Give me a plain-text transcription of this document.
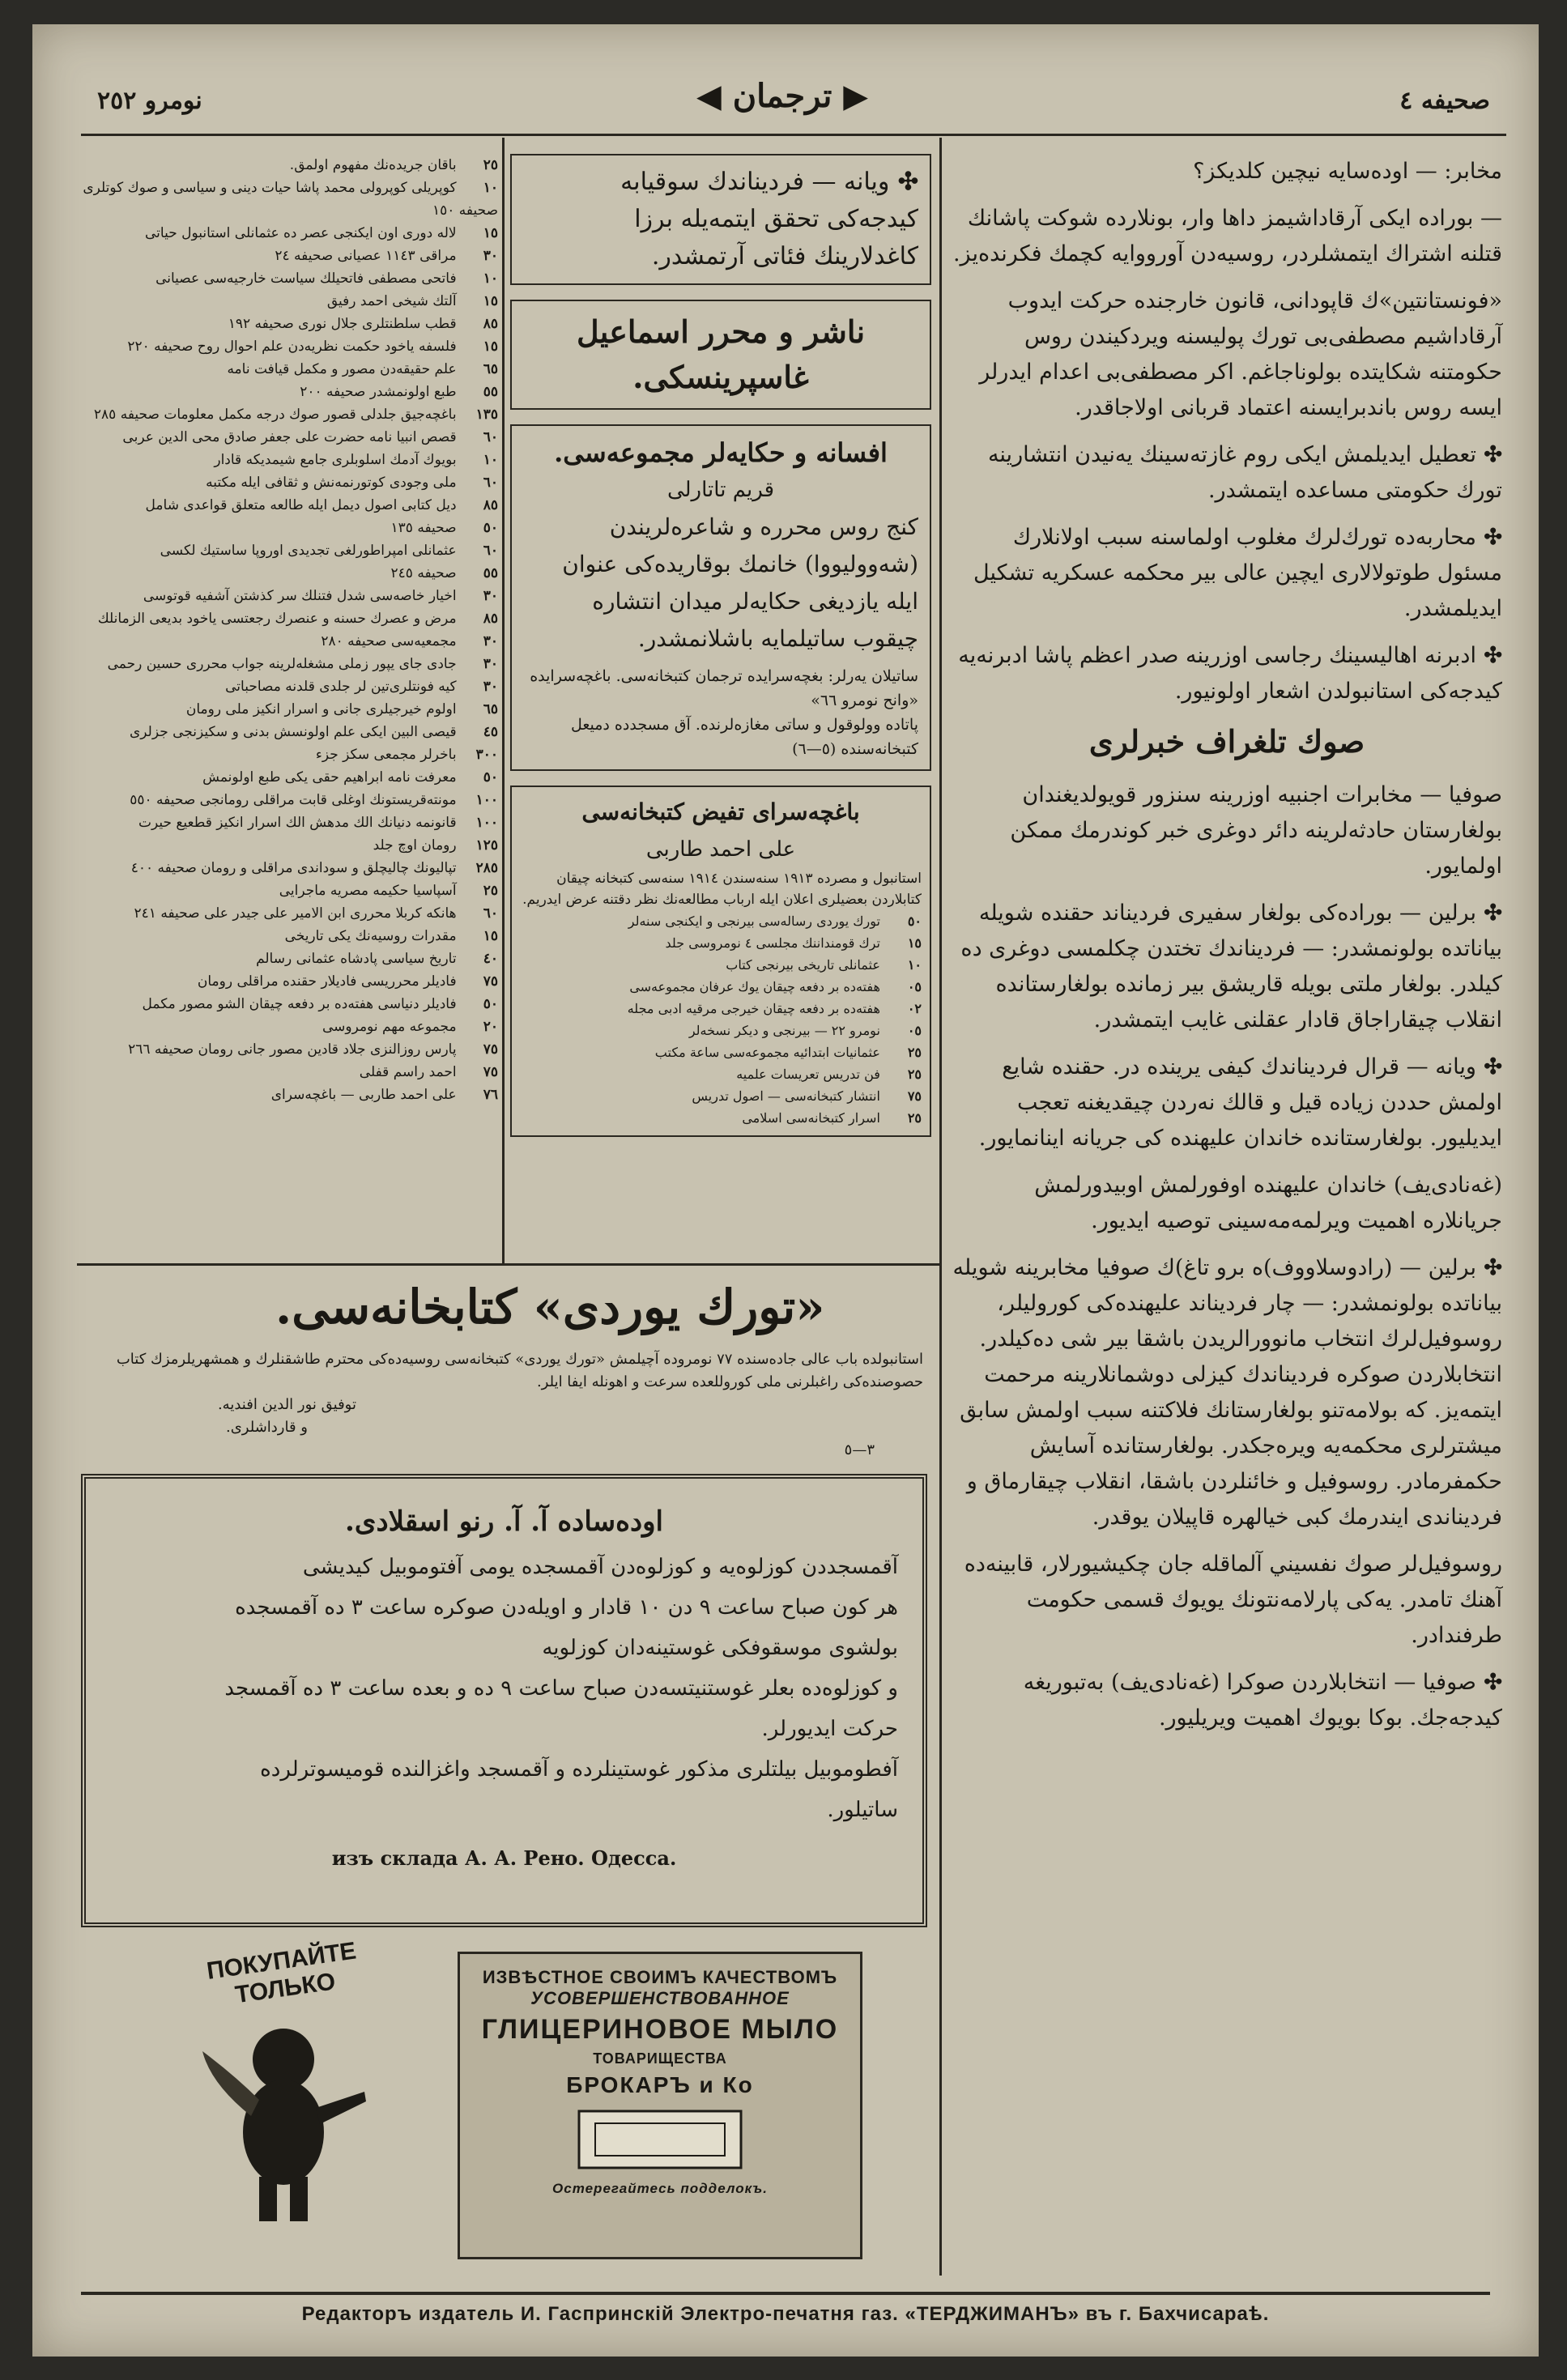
نومرو ٢٥٢	◀ ترجمان ▶	صحيفه ٤

مخابر: — اوده‌سايه نيچين كلديكز؟

— بوراده ايكى آرقاداشيمز داها وار، بونلارده شوكت پاشانك قتلنه اشتراك ايتمشلردر، روسيه‌دن آورووايه كچمك فكرنده‌يز.

«فونستانتين»ك قاپودانى، قانون خارجنده حركت ايدوب آرقاداشيم مصطفى‌بى تورك پوليسنه ويردكيندن روس حكومتنه شكايتده بولوناجاغم. اكر مصطفى‌بى اعدام ايدرلر ايسه روس باندبرايسنه اعتماد قربانى اولاجاقدر.

✣ تعطيل ايديلمش ايكى روم غازته‌سينك يه‌نيدن انتشارينه تورك حكومتى مساعده ايتمشدر.

✣ محاربه‌ده تورك‌لرك مغلوب اولماسنه سبب اولانلارك مسئول طوتولالارى ايچين عالى بير محكمه عسكريه تشكيل ايديلمشدر.

✣ ادبرنه اهاليسينك رجاسى اوزرينه صدر اعظم پاشا ادبرنه‌يه كيدجه‌كى استانبولدن اشعار اولونيور.

صوك تلغراف خبرلرى

صوفيا — مخابرات اجنبيه اوزرينه سنزور قويولديغندان بولغارستان حادثه‌لرينه دائر دوغرى خبر كوندرمك ممكن اولمايور.

✣ برلين — بوراده‌كى بولغار سفيرى فرديناند حقنده شويله بياناتده بولونمشدر: — فرديناندك تختدن چكلمسى دوغرى ده كيلدر. بولغار ملتى بويله قاريشق بير زمانده بولغارستانده انقلاب چيقاراجاق قادار عقلنى غايب ايتمشدر.

✣ ويانه — قرال فرديناندك كيفى يرينده در. حقنده شايع اولمش حددن زياده قيل و قالك نه‌ردن چيقديغنه تعجب ايديليور. بولغارستانده خاندان عليهنده كى جريانه اينانمايور.

(غه‌نادى‌يف) خاندان عليهنده اوفورلمش اوبيدورلمش جريانلاره اهميت ويرلمه‌مه‌سينى توصيه ايديور.

✣ برلين — (رادوسلاووف)ه برو تاغ)ك صوفيا مخابرينه شويله بياناتده بولونمشدر: — چار فرديناند عليهنده‌كى كوروليلر، روسوفيل‌لرك انتخاب مانوورالريدن باشقا بير شى ده‌كيلدر. انتخابلاردن صوكره فرديناندك كيزلى دوشمانلارينه مرحمت ايتمه‌يز. كه بولامه‌تنو بولغارستانك فلاكتنه سبب اولمش سابق ميشترلرى محكمه‌يه ويره‌جكدر. بولغارستانده آسايش حكمفرمادر. روسوفيل و خائنلردن باشقا، انقلاب چيقارماق و فرديناندى ايندرمك كبى خيالهره قاپيلان يوقدر.

روسوفيل‌لر صوك نفسيني آلماقله جان چكيشيورلار، قابينه‌ده آهنك تامدر. يه‌كى پارلامه‌نتونك يويوك قسمى حكومت طرفندادر.

✣ صوفيا — انتخابلاردن صوكرا (غه‌نادى‌يف) به‌تبوريغه كيدجه‌جك. بوكا بويوك اهميت ويريليور.

✣ ويانه — فرديناندك سوقيابه كيدجه‌كى تحقق ايتمه‌يله برزا كاغدلارينك فئاتى آرتمشدر.
ناشر و محرر اسماعيل غاسپرينسكى.
افسانه و حكايه‌لر مجموعه‌سى.
قريم تاتارلى
كنج روس محرره و شاعره‌لريندن (شه‌ووليووا) خانمك بوقاريده‌كى عنوان ايله يازديغى حكايه‌لر ميدان انتشاره چيقوب ساتيلمايه باشلانمشدر.
ساتيلان يه‌رلر: بغچه‌سرايده ترجمان كتبخانه‌سى. باغچه‌سرايده «وانح نومرو ٦٦»
پاتاده وولوقول و ساتى مغازه‌لرنده. آق مسجدده دميعل كتبخانه‌سنده (٥—٦)
باغچه‌سراى تفيض كتبخانه‌سى
على احمد طاربى
استانبول و مصرده ١٩١٣ سنه‌سندن ١٩١٤ سنه‌سى كتبخانه چيقان كتابلاردن بعضيلرى اعلان ايله ارباب مطالعه‌نك نظر دقتنه عرض ايدريم.
٥٠ تورك يوردى رساله‌سى بيرنجى و ايكنجى سنه‌لر
١٥ ترك قومنداننك مجلسى ٤ نومروسى جلد
١٠ عثمانلى تاريخى بيرنجى كتاب
٠٥ هفته‌ده بر دفعه چيقان يوك عرفان مجموعه‌سى
٠٢ هفته‌ده بر دفعه چيقان خيرجى مرقيه ادبى مجله
٠٥ نومرو ٢٢ — بيرنجى و ديكر نسخه‌لر
٢٥ عثمانيات ابتدائيه مجموعه‌سى ساعة مكتب
٢٥ فن تدريس تعريسات علميه
٧٥ انتشار كتبخانه‌سى — اصول تدريس
٢٥ اسرار كتبخانه‌سى اسلامى
٢٥ باقان جريده‌نك مفهوم اولمق.
١٠ كوپريلى كوپرولى محمد پاشا حيات دينى و سياسى و صوك كوتلرى صحيفه ١٥٠
١٥ لاله دورى اون ايكنجى عصر ده عثمانلى استانبول حياتى
٣٠ مراقى ١١٤٣ عصيانى صحيفه ٢٤
١٠ فاتحى مصطفى فاتحيلك سياست خارجيه‌سى عصيانى
١٥ آلتك شيخى احمد رفيق
٨٥ قطب سلطنتلرى جلال نورى صحيفه ١٩٢
١٥ فلسفه ياخود حكمت نظريه‌دن علم احوال روح صحيفه ٢٢٠
٦٥ علم حقيقه‌دن مصور و مكمل قيافت نامه
٥٥ طبع اولونمشدر صحيفه ٢٠٠
١٣٥ باغچه‌جيق جلدلى قصور صوك درجه مكمل معلومات صحيفه ٢٨٥
٦٠ قصص انبيا نامه حضرت على جعفر صادق محى الدين عربى
١٠ بويوك آدمك اسلوبلرى جامع شيمديكه قادار
٦٠ ملى وجودى كوتورنمه‌نش و ثقافى ايله مكتبه
٨٥ ديل كتابى اصول ديمل ايله طالعه متعلق قواعدى شامل
٥٠ صحيفه ١٣٥
٦٠ عثمانلى امپراطورلغى تجديدى اوروپا ساستيك لكسى
٥٥ صحيفه ٢٤٥
٣٠ اخيار خاصه‌سى شدل فتنلك سر كذشتن آشفيه قوتوسى
٨٥ مرض و عصرك حسنه و عنصرك رجعتسى ياخود بديعى الزمانلك
٣٠ مجمعيه‌سى صحيفه ٢٨٠
٣٠ جادى جاى يپور زملى مشغله‌لرينه جواب محررى حسين رحمى
٣٠ كيه فونتلرى‌تين لر جلدى قلدنه مصاحباتى
٦٥ اولوم خيرجيلرى جانى و اسرار انكيز ملى رومان
٤٥ قيصى البين ايكى علم اولونسش بدنى و سكيزنجى جزلرى
٣٠٠ باخرلر مجمعى سكز جزء
٥٠ معرفت نامه ابراهيم حقى يكى طبع اولونمش
١٠٠ مونته‌قريستونك اوغلى قابت مراقلى رومانجى صحيفه ٥٥٠
١٠٠ قانونمه دنيانك الك مدهش الك اسرار انكيز قطعيع حيرت
١٢٥ رومان اوچ جلد
٢٨٥ تپاليونك چاليچلق و سوداندى مراقلى و رومان صحيفه ٤٠٠
٢٥ آسپاسيا حكيمه مصريه ماجرايى
٦٠ هانكه كربلا محررى ابن الامير على جيدر على صحيفه ٢٤١
١٥ مقدرات روسيه‌نك يكى تاريخى
٤٠ تاريخ سياسى پادشاه عثمانى رسالم
٧٥ فاديلر محرريسى فاديلار حقنده مراقلى رومان
٥٠ فاديلر دنياسى هفته‌ده بر دفعه چيقان الشو مصور مكمل
٢٠ مجموعه مهم نومروسى
٧٥ پارس روزالنزى جلاد قادين مصور جانى رومان صحيفه ٢٦٦
٧٥ احمد راسم قفلى
٧٦ على احمد طاربى — باغچه‌سراى
«تورك يوردى» كتابخانه‌سى.
استانبولده باب عالى جاده‌سنده ٧٧ نومروده آچيلمش «تورك يوردى» كتبخانه‌سى روسيه‌ده‌كى محترم طاشقنلرك و همشهريلرمزك كتاب حصوصنده‌كى راغبلرنى ملى كوروللعده سرعت و اهونله ايفا ايلر.
توفيق نور الدين افنديه.
و قارداشلرى.
٣—٥
اوده‌ساده آ. آ. رنو اسقلادى.
آقمسجددن كوزلوه‌يه و كوزلوه‌دن آقمسجده يومى آفتوموبيل كيديشى
هر كون صباح ساعت ٩ دن ١٠ قادار و اويله‌دن صوكره ساعت ٣ ده آقمسجده
بولشوى موسقوفكى غوستينه‌دان كوزلويه
و كوزلوه‌ده بعلر غوستنيتسه‌دن صباح ساعت ٩ ده و بعده ساعت ٣ ده آقمسجد
حركت ايديورلر.
آفطوموبيل بيلتلرى مذكور غوستينلرده و آقمسجد واغزالنده قوميسوترلرده
ساتيلور.
изъ склада А. А. Рено. Одесса.
ПОКУПАЙТЕ ТОЛЬКО	ИЗВѢСТНОЕ СВОИМЪ КАЧЕСТВОМЪ
УСОВЕРШЕНСТВОВАННОЕ
ГЛИЦЕРИНОВОЕ МЫЛО
ТОВАРИЩЕСТВА
БРОКАРЪ и Ко
Остерегайтесь подделокъ.
Редакторъ издатель И. Гаспринскій Электро-печатня газ. «ТЕРДЖИМАНЪ» въ г. Бахчисараѣ.
